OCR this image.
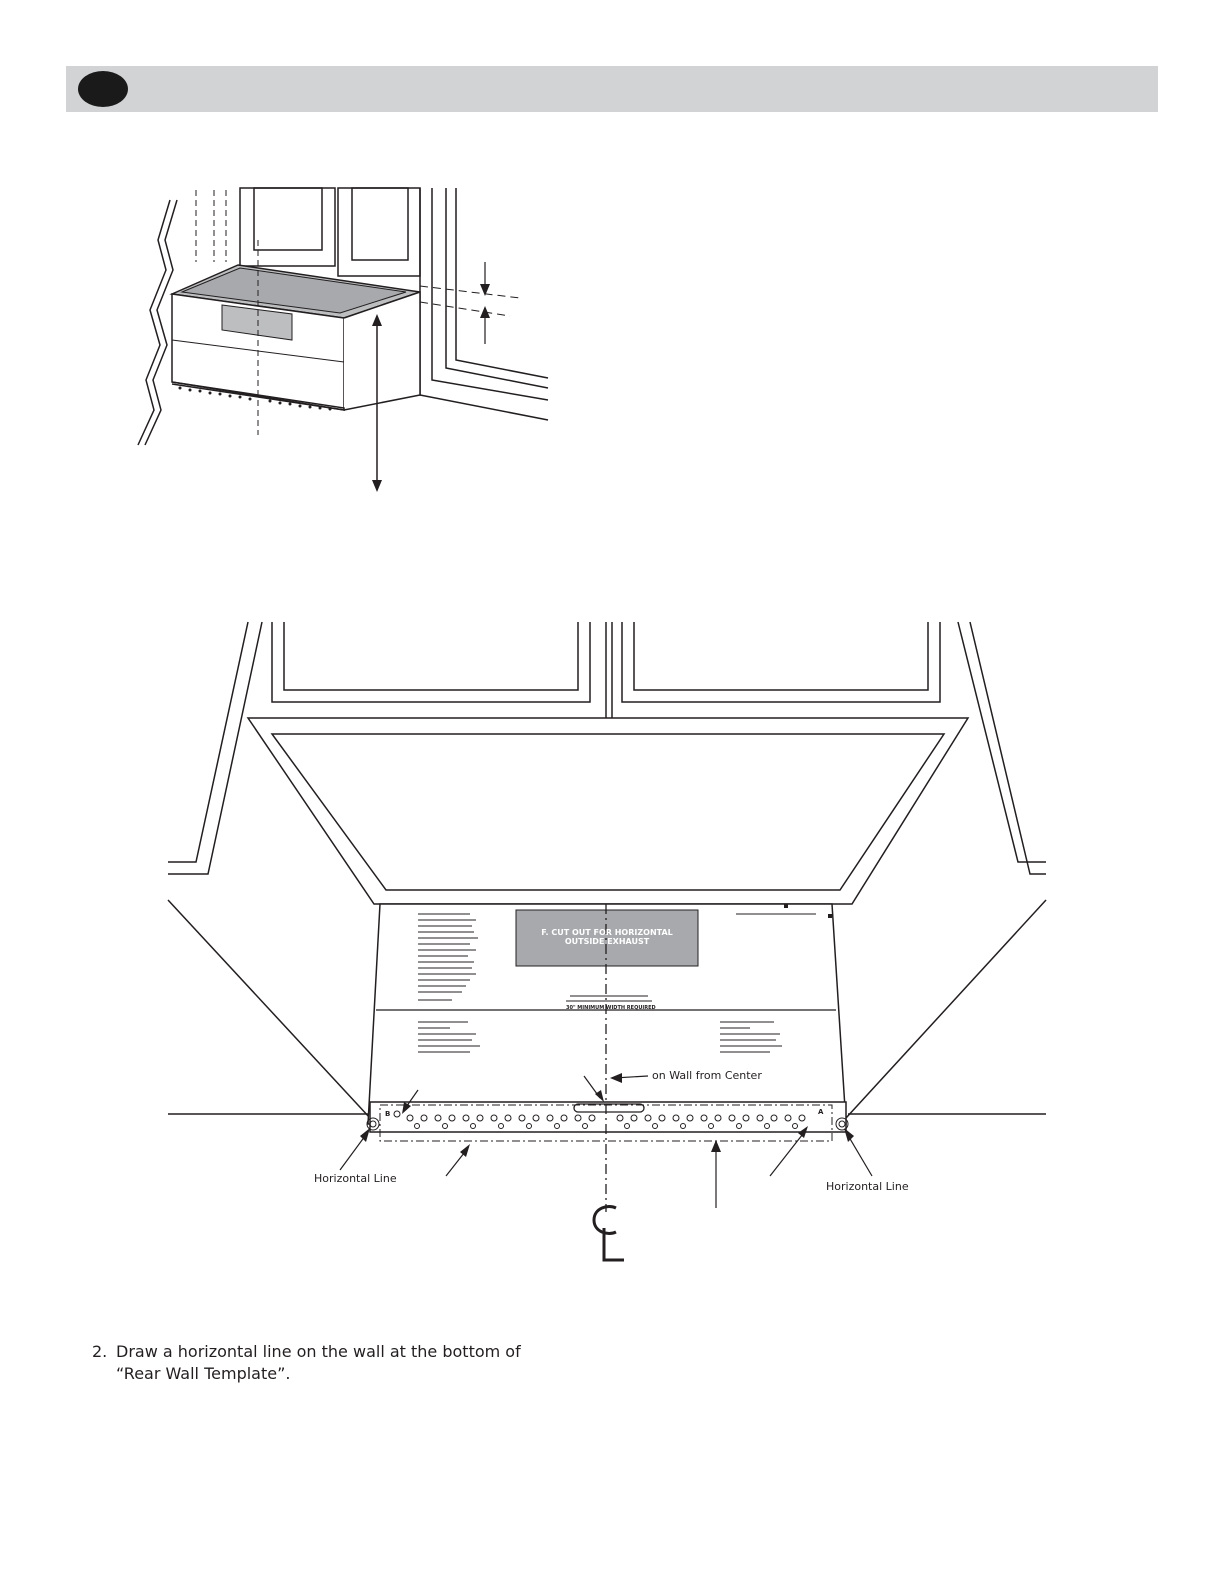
F. CUT OUT FOR HORIZONTAL
OUTSIDE EXHAUST
30" MINIMUM WIDTH REQUIRED
B	A
on Wall from Center
Horizontal Line
Horizontal Line
2. Draw a horizontal line on the wall at the bottom of
“Rear Wall Template”.
